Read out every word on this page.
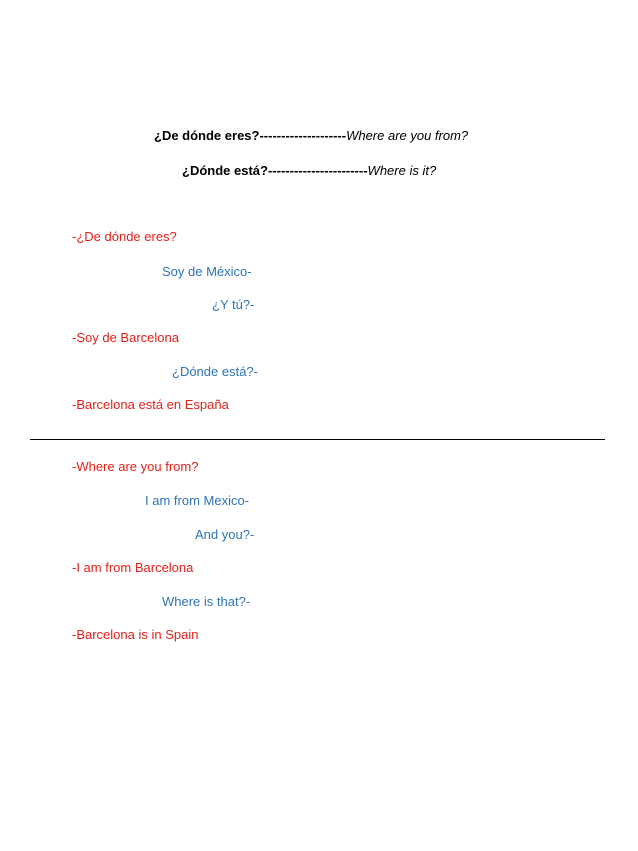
¿De dónde eres?--------------------Where are you from?
¿Dónde está?-----------------------Where is it?
-¿De dónde eres?
Soy de México-
¿Y tú?-
-Soy de Barcelona
¿Dónde está?-
-Barcelona está en España
-Where are you from?
I am from Mexico-
And you?-
-I am from Barcelona
Where is that?-
-Barcelona is in Spain
